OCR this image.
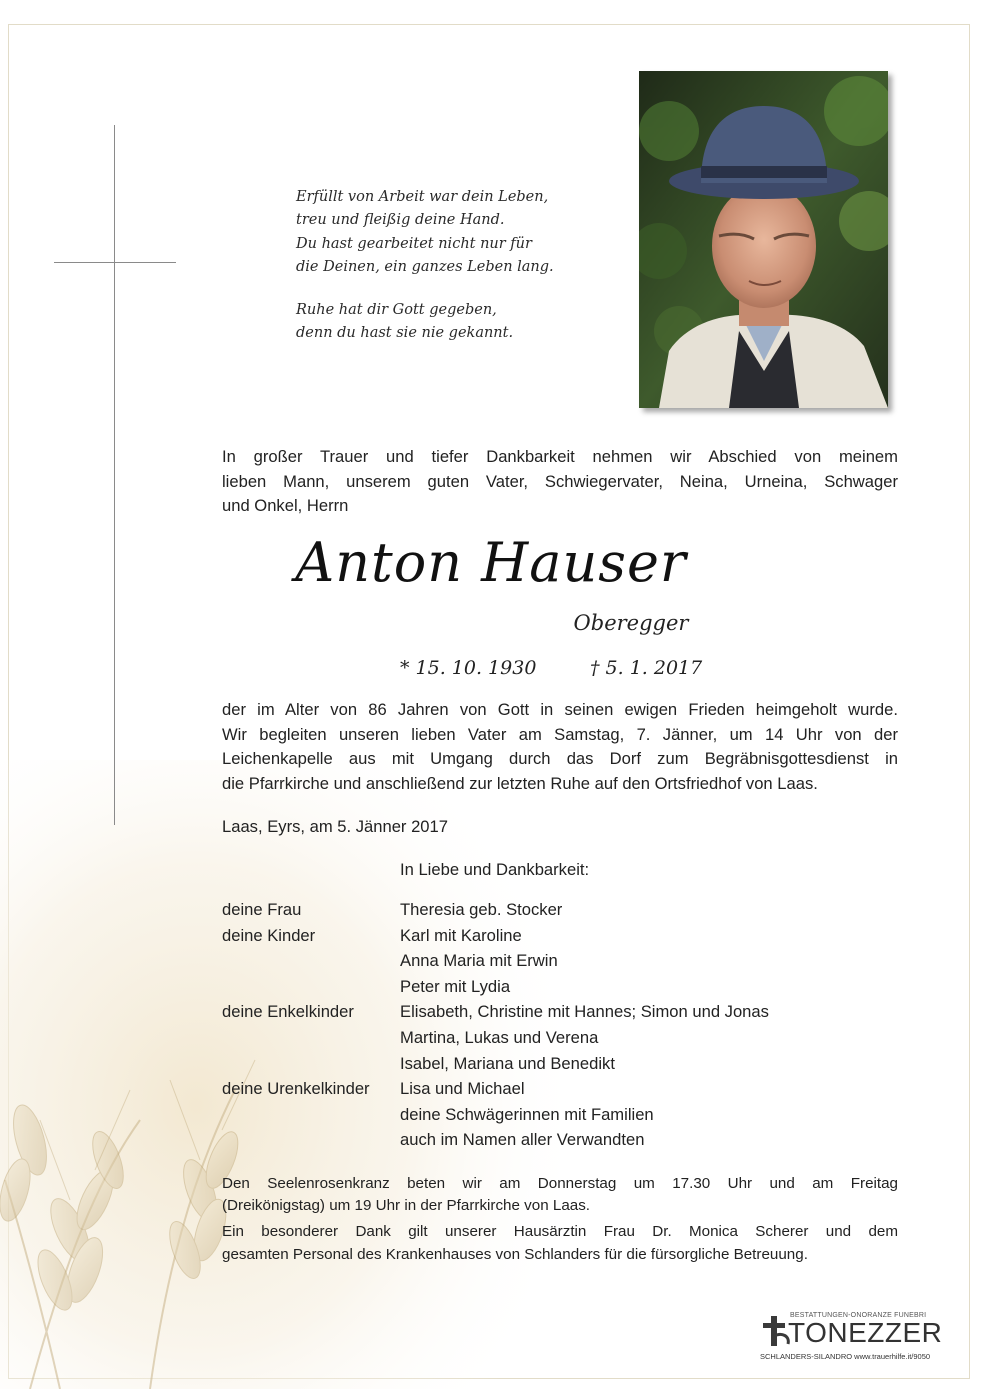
Erfüllt von Arbeit war dein Leben,
treu und fleißig deine Hand.
Du hast gearbeitet nicht nur für
die Deinen, ein ganzes Leben lang.
Ruhe hat dir Gott gegeben,
denn du hast sie nie gekannt.
In großer Trauer und tiefer Dankbarkeit nehmen wir Abschied von meinem
lieben Mann, unserem guten Vater, Schwiegervater, Neina, Urneina, Schwager
und Onkel, Herrn
Anton Hauser
Oberegger
* 15. 10. 1930	† 5. 1. 2017
der im Alter von 86 Jahren von Gott in seinen ewigen Frieden heimgeholt wurde.
Wir begleiten unseren lieben Vater am Samstag, 7. Jänner, um 14 Uhr von der
Leichenkapelle aus mit Umgang durch das Dorf zum Begräbnisgottesdienst in
die Pfarrkirche und anschließend zur letzten Ruhe auf den Ortsfriedhof von Laas.
Laas, Eyrs, am 5. Jänner 2017
In Liebe und Dankbarkeit:
deine Frau	Theresia geb. Stocker
deine Kinder	Karl mit Karoline
Anna Maria mit Erwin
Peter mit Lydia
deine Enkelkinder	Elisabeth, Christine mit Hannes; Simon und Jonas
Martina, Lukas und Verena
Isabel, Mariana und Benedikt
deine Urenkelkinder Lisa und Michael
deine Schwägerinnen mit Familien
auch im Namen aller Verwandten
Den Seelenrosenkranz beten wir am Donnerstag um 17.30 Uhr und am Freitag
(Dreikönigstag) um 19 Uhr in der Pfarrkirche von Laas.
Ein besonderer Dank gilt unserer Hausärztin Frau Dr. Monica Scherer und dem
gesamten Personal des Krankenhauses von Schlanders für die fürsorgliche Betreuung.
BESTATTUNGEN-ONORANZE FUNEBRI
TONEZZER
SCHLANDERS-SILANDRO www.trauerhilfe.it/9050
